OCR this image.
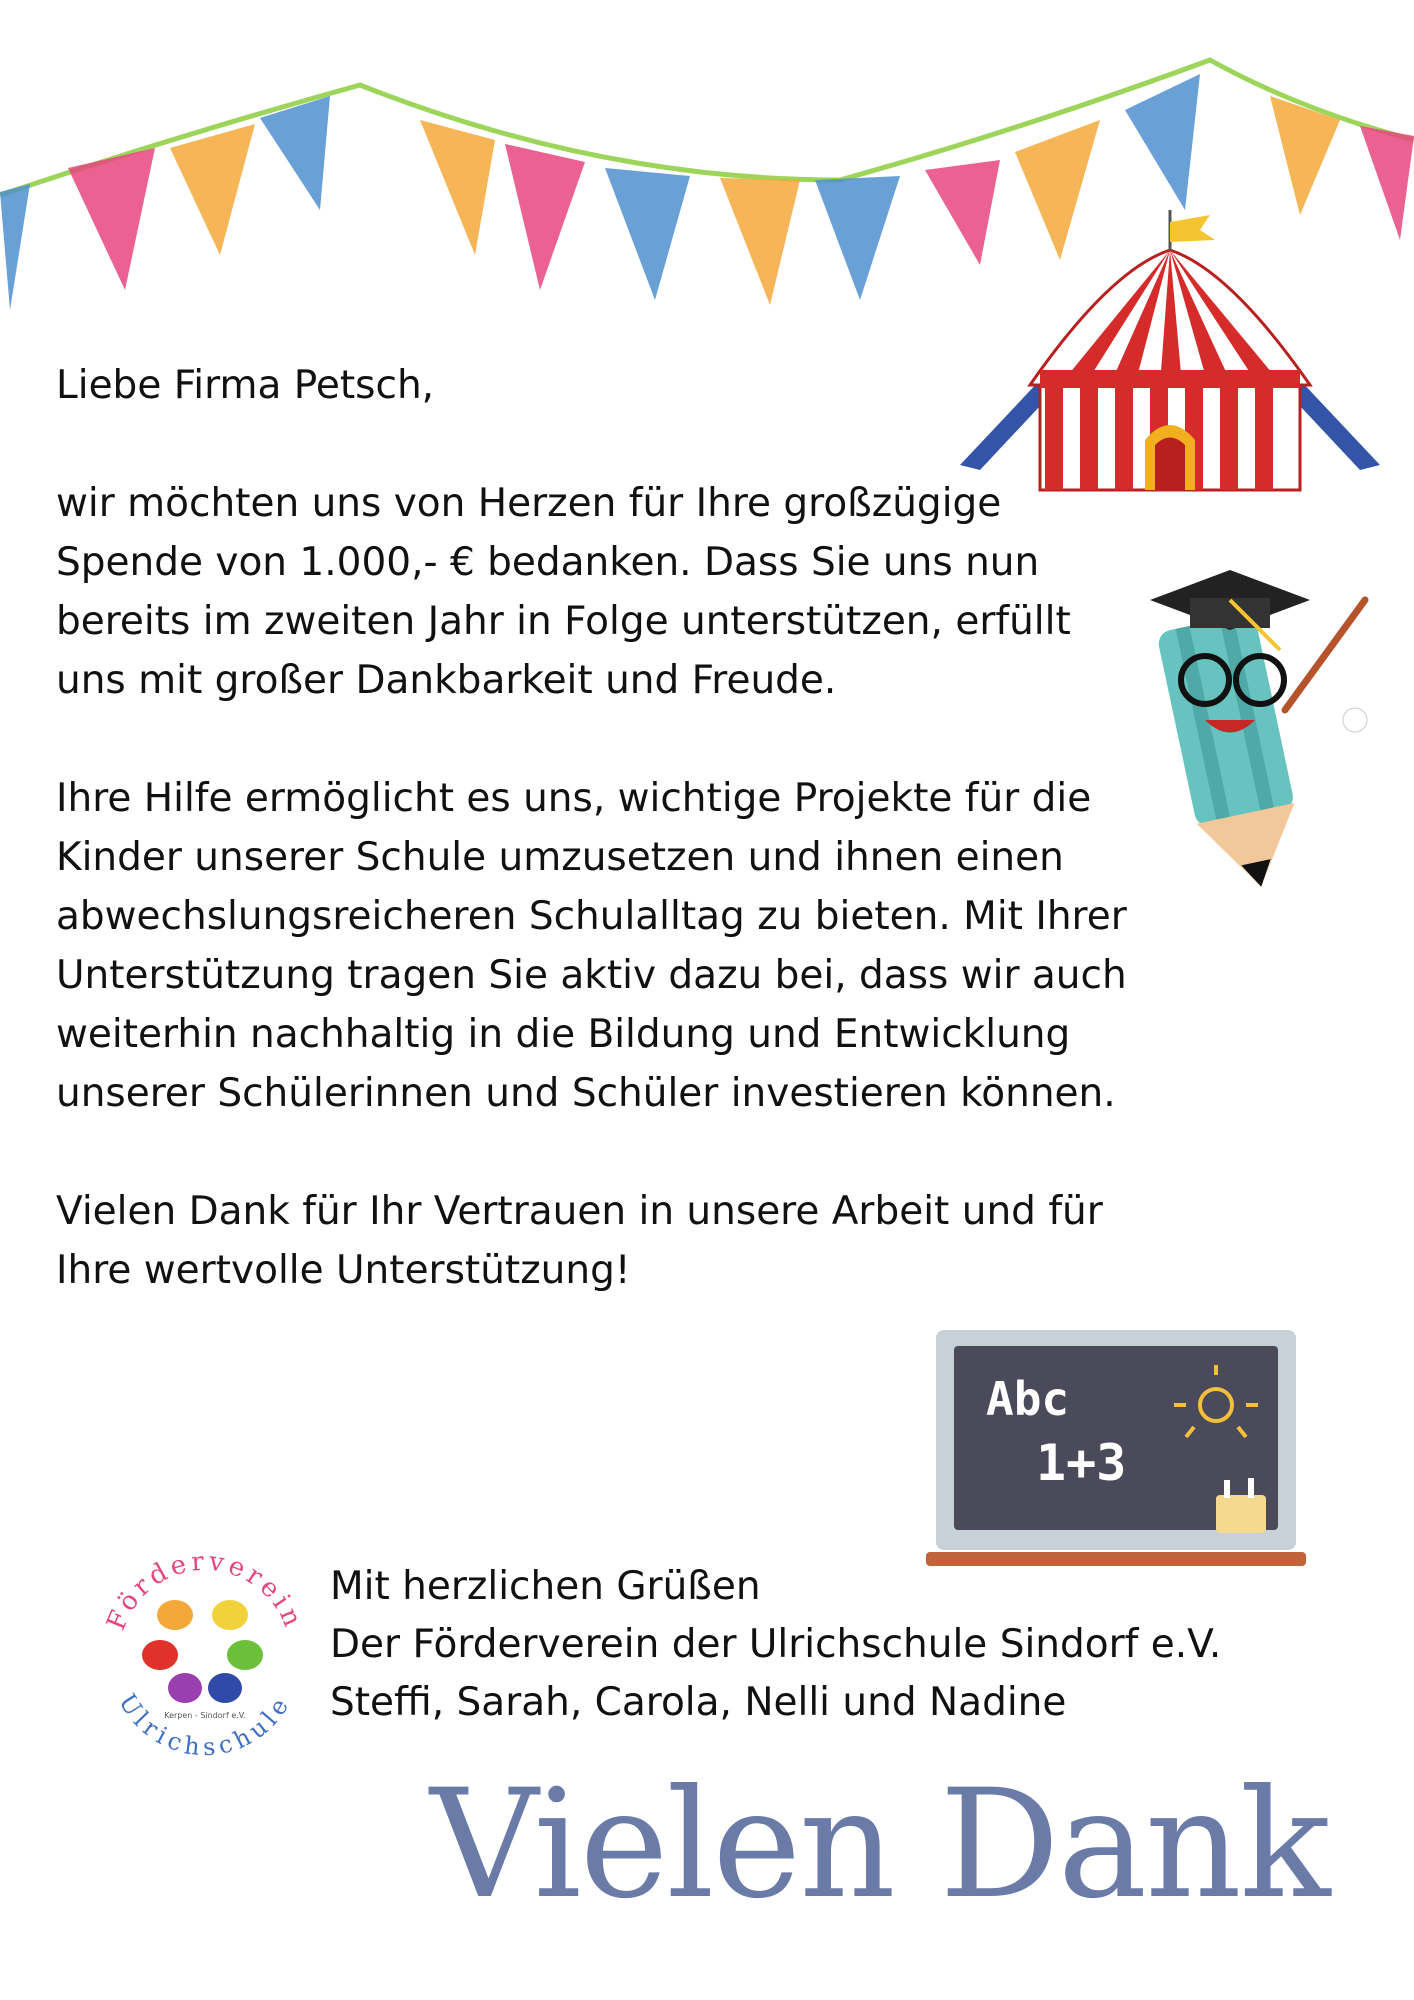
Liebe Firma Petsch,

wir möchten uns von Herzen für Ihre großzügige Spende von 1.000,- € bedanken. Dass Sie uns nun bereits im zweiten Jahr in Folge unterstützen, erfüllt uns mit großer Dankbarkeit und Freude.

Ihre Hilfe ermöglicht es uns, wichtige Projekte für die Kinder unserer Schule umzusetzen und ihnen einen abwechslungsreicheren Schulalltag zu bieten. Mit Ihrer Unterstützung tragen Sie aktiv dazu bei, dass wir auch weiterhin nachhaltig in die Bildung und Entwicklung unserer Schülerinnen und Schüler investieren können.

Vielen Dank für Ihr Vertrauen in unsere Arbeit und für Ihre wertvolle Unterstützung!

Abc
1+3
Förderverein
Ulrichschule
Kerpen - Sindorf e.V.
Mit herzlichen Grüßen
Der Förderverein der Ulrichschule Sindorf e.V.
Steffi, Sarah, Carola, Nelli und Nadine
Vielen Dank
